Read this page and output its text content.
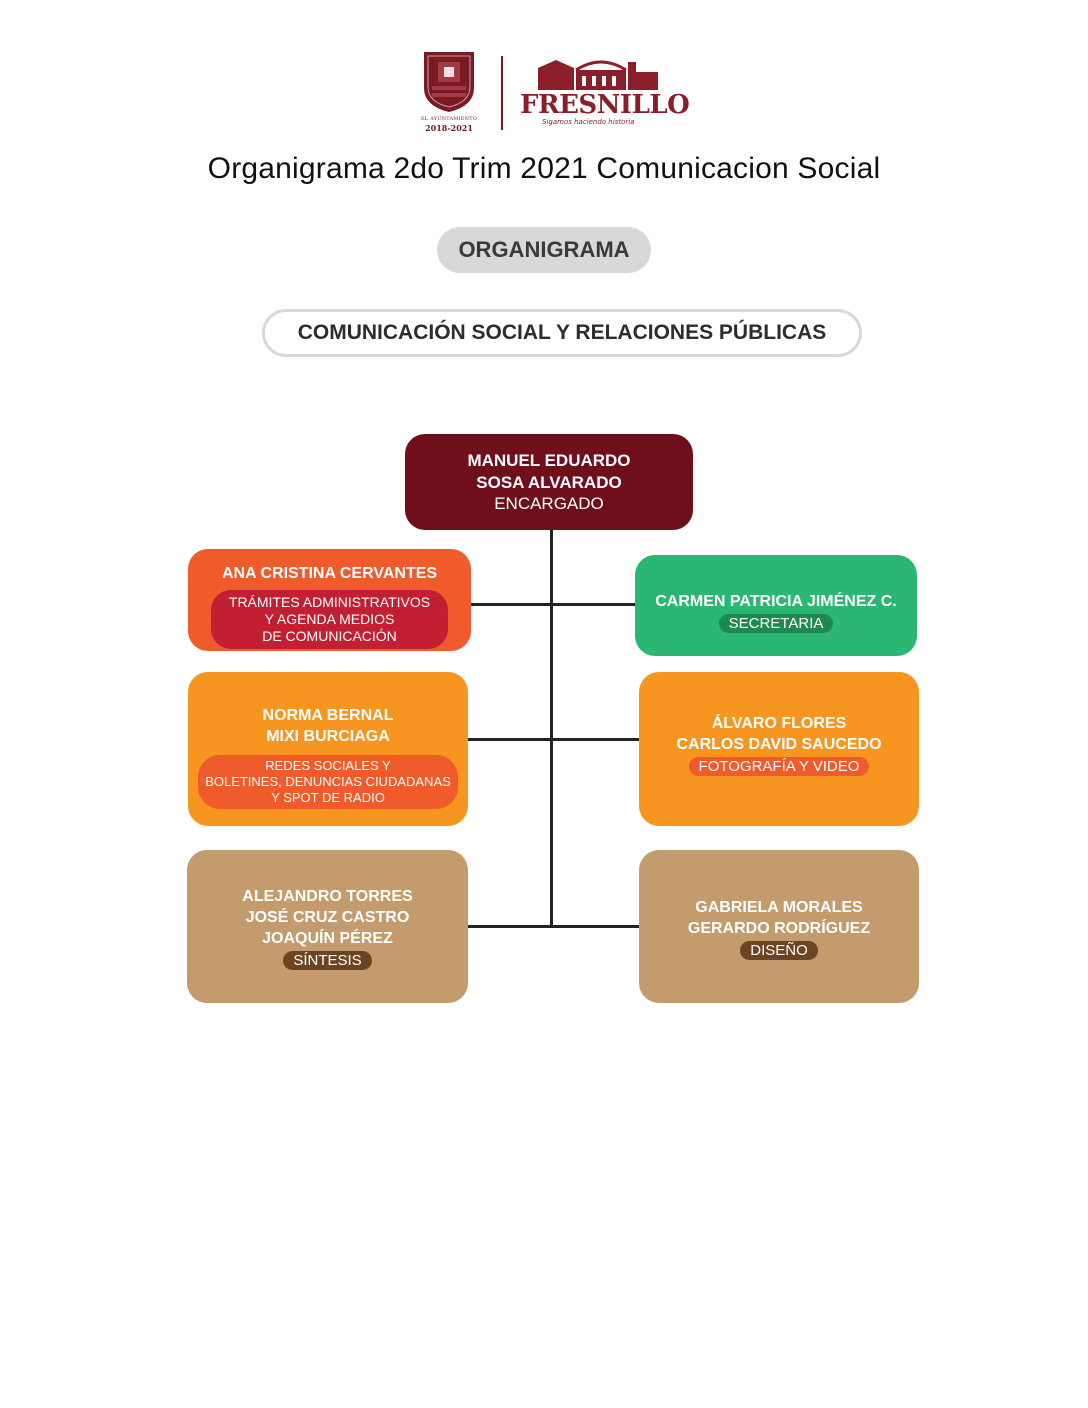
EL AYUNTAMIENTO
2018-2021
FRESNILLO
Sigamos haciendo historia
Organigrama 2do Trim 2021 Comunicacion Social
ORGANIGRAMA
COMUNICACIÓN SOCIAL Y RELACIONES PÚBLICAS
MANUEL EDUARDO
SOSA ALVARADO
ENCARGADO
ANA CRISTINA CERVANTES
TRÁMITES ADMINISTRATIVOS
Y AGENDA MEDIOS
DE COMUNICACIÓN
CARMEN PATRICIA JIMÉNEZ C.
SECRETARIA
NORMA BERNAL
MIXI BURCIAGA
REDES SOCIALES Y
BOLETINES, DENUNCIAS CIUDADANAS
Y SPOT DE RADIO
ÁLVARO FLORES
CARLOS DAVID SAUCEDO
FOTOGRAFÍA Y VIDEO
ALEJANDRO TORRES
JOSÉ CRUZ CASTRO
JOAQUÍN PÉREZ
SÍNTESIS
GABRIELA MORALES
GERARDO RODRÍGUEZ
DISEÑO
